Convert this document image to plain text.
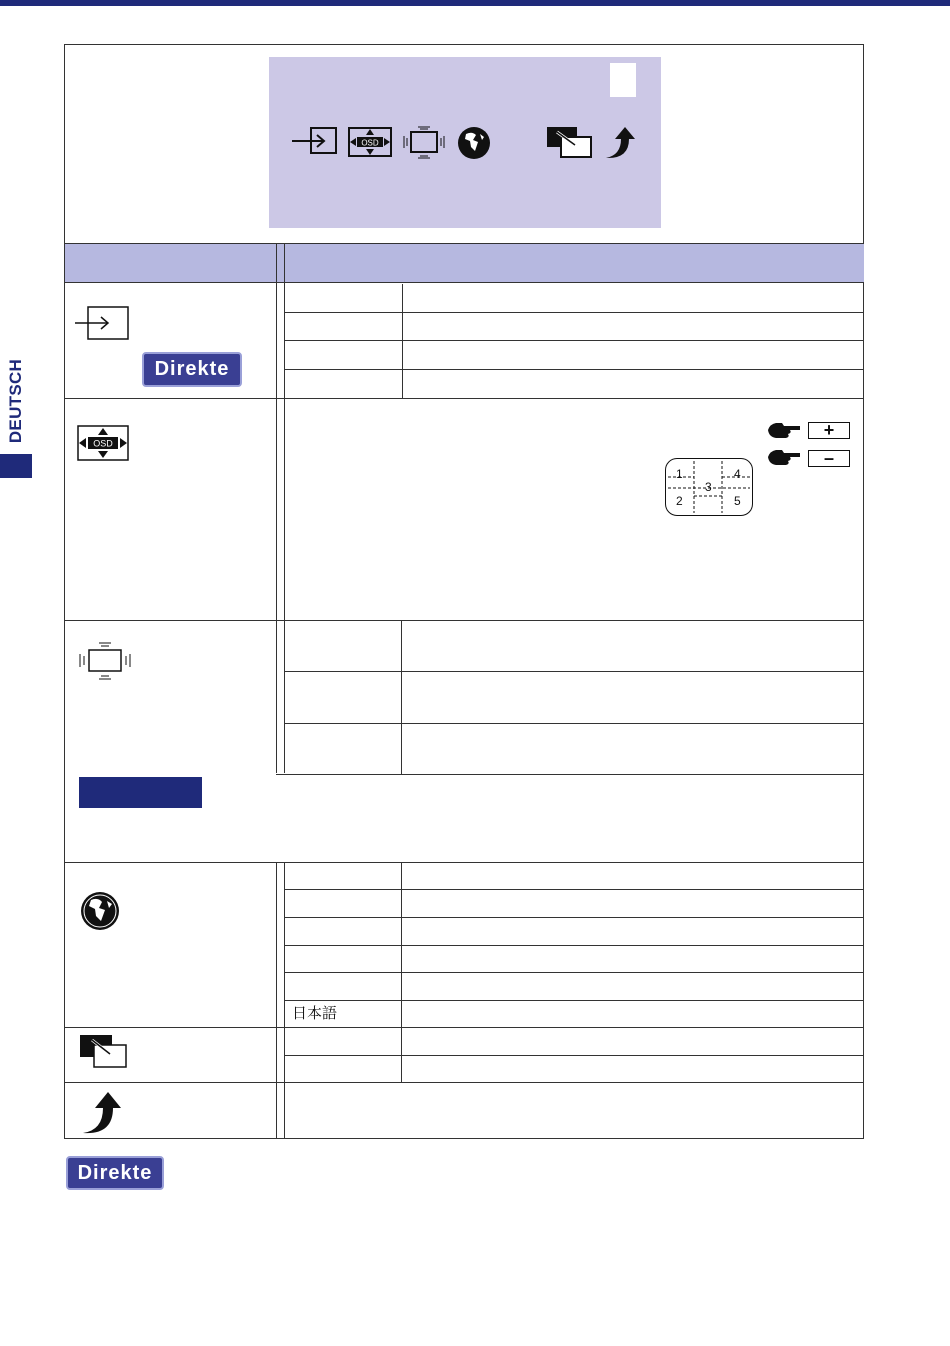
DEUTSCH
OSD
Direkte
OSD
+
–
1	4
3
2	5
日本語
Direkte
